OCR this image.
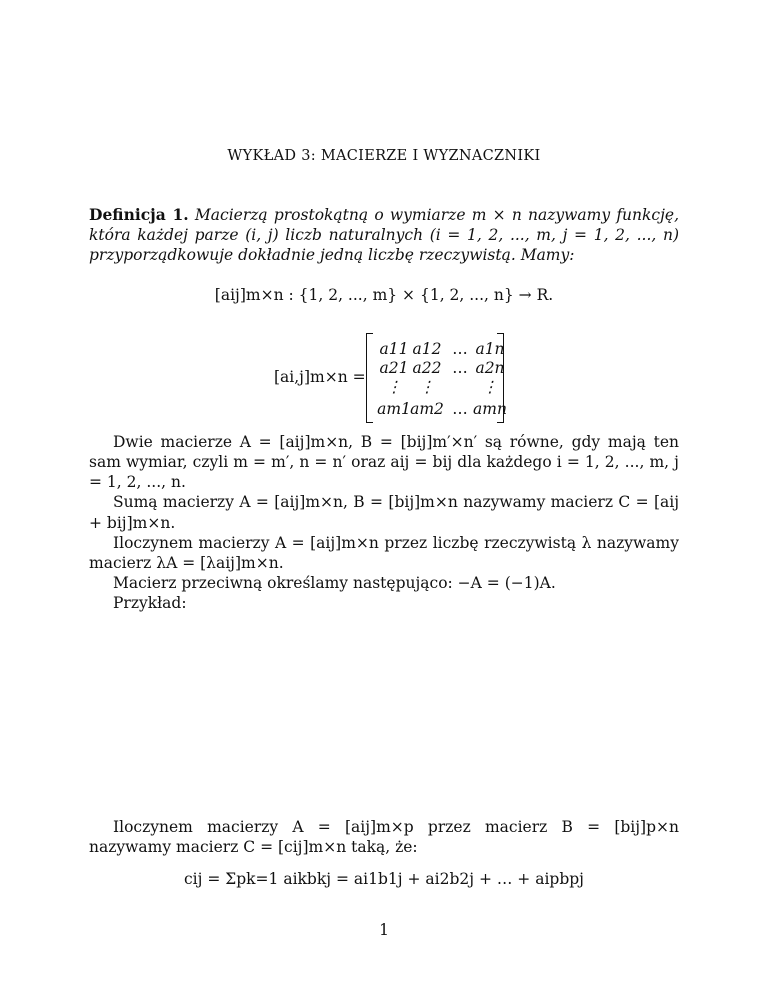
WYKŁAD 3: MACIERZE I WYZNACZNIKI
Definicja 1. Macierzą prostokątną o wymiarze m × n nazywamy funkcję, która każdej parze (i, j) liczb naturalnych (i = 1, 2, ..., m, j = 1, 2, ..., n) przyporządkowuje dokładnie jedną liczbę rzeczywistą. Mamy:
[aij]m×n : {1, 2, ..., m} × {1, 2, ..., n} → R.
[ai,j]m×n =
a11 a12 … a1n
a21 a22 … a2n
⋮	⋮	⋮
am1 am2 … amn

Dwie macierze A = [aij]m×n, B = [bij]m′×n′ są równe, gdy mają ten sam wymiar, czyli m = m′, n = n′ oraz aij = bij dla każdego i = 1, 2, ..., m, j = 1, 2, ..., n.

Sumą macierzy A = [aij]m×n, B = [bij]m×n nazywamy macierz C = [aij + bij]m×n.

Iloczynem macierzy A = [aij]m×n przez liczbę rzeczywistą λ nazywamy macierz λA = [λaij]m×n.

Macierz przeciwną określamy następująco: −A = (−1)A.

Przykład:

Iloczynem macierzy A = [aij]m×p przez macierz B = [bij]p×n nazywamy macierz C = [cij]m×n taką, że:

cij = Σpk=1 aikbkj = ai1b1j + ai2b2j + … + aipbpj
1
